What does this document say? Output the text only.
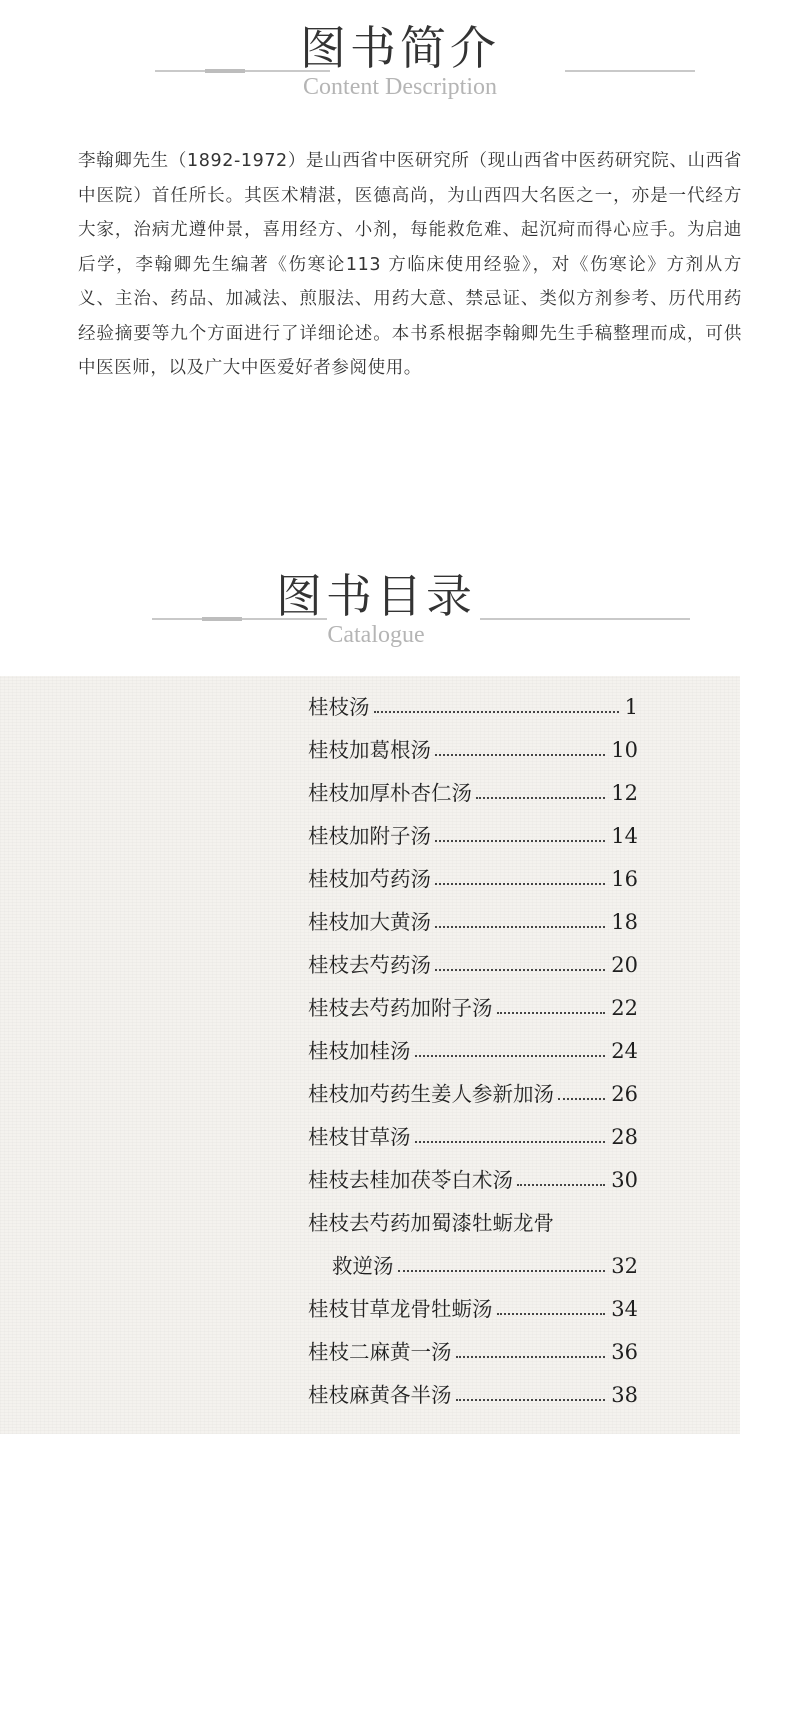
图书简介
Content Description

李翰卿先生（1892-1972）是山西省中医研究所（现山西省中医药研究院、山西省中医院）首任所长。其医术精湛，医德高尚，为山西四大名医之一，亦是一代经方大家，治病尤遵仲景，喜用经方、小剂，每能救危难、起沉疴而得心应手。为启迪后学，李翰卿先生编著《伤寒论113 方临床使用经验》，对《伤寒论》方剂从方义、主治、药品、加减法、煎服法、用药大意、禁忌证、类似方剂参考、历代用药经验摘要等九个方面进行了详细论述。本书系根据李翰卿先生手稿整理而成，可供中医医师，以及广大中医爱好者参阅使用。

图书目录
Catalogue
桂枝汤	1
桂枝加葛根汤	10
桂枝加厚朴杏仁汤	12
桂枝加附子汤	14
桂枝加芍药汤	16
桂枝加大黄汤	18
桂枝去芍药汤	20
桂枝去芍药加附子汤	22
桂枝加桂汤	24
桂枝加芍药生姜人参新加汤	26
桂枝甘草汤	28
桂枝去桂加茯苓白术汤	30
桂枝去芍药加蜀漆牡蛎龙骨
救逆汤	32
桂枝甘草龙骨牡蛎汤	34
桂枝二麻黄一汤	36
桂枝麻黄各半汤	38
